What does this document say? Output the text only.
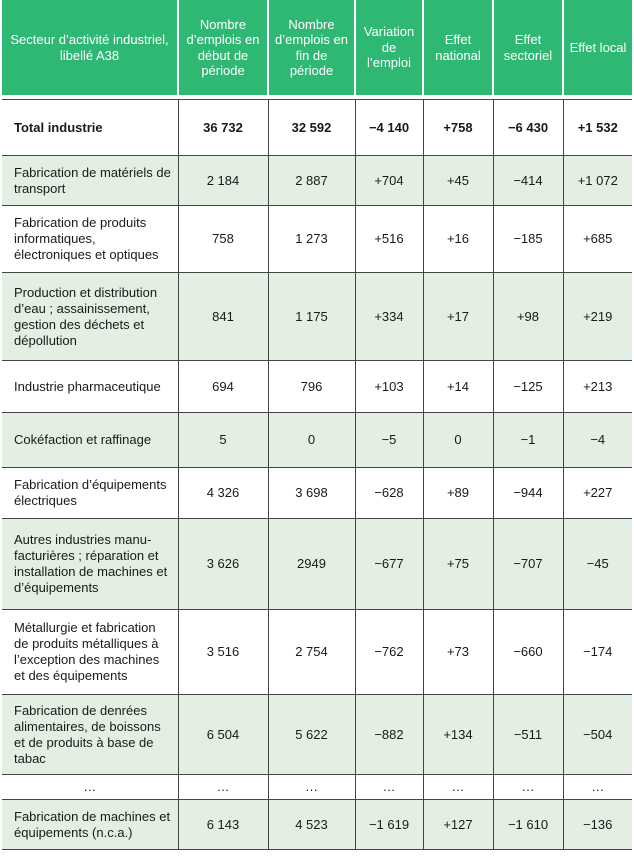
Secteur d’activité industriel, libellé A38	Nombre d’emplois en début de période	Nombre d’emplois en fin de période	Variation de l’emploi	Effet national	Effet sectoriel	Effet local

Total industrie	36 732	32 592	−4 140	+758	−6 430	+1 532
Fabrication de matériels de transport	2 184	2 887	+704	+45	−414	+1 072
Fabrication de produits informatiques, électroniques et optiques	758	1 273	+516	+16	−185	+685
Production et distribution d’eau ; assainissement, gestion des déchets et dépollution	841	1 175	+334	+17	+98	+219
Industrie pharmaceutique	694	796	+103	+14	−125	+213
Cokéfaction et raffinage	5	0	−5	0	−1	−4
Fabrication d’équipements électriques	4 326	3 698	−628	+89	−944	+227
Autres industries manu-facturières ; réparation et installation de machines et d’équipements	3 626	2949	−677	+75	−707	−45
Métallurgie et fabrication de produits métalliques à l’exception des machines et des équipements	3 516	2 754	−762	+73	−660	−174
Fabrication de denrées alimentaires, de boissons et de produits à base de tabac	6 504	5 622	−882	+134	−511	−504
…	…	…	…	…	…	…
Fabrication de machines et équipements (n.c.a.)	6 143	4 523	−1 619	+127	−1 610	−136
